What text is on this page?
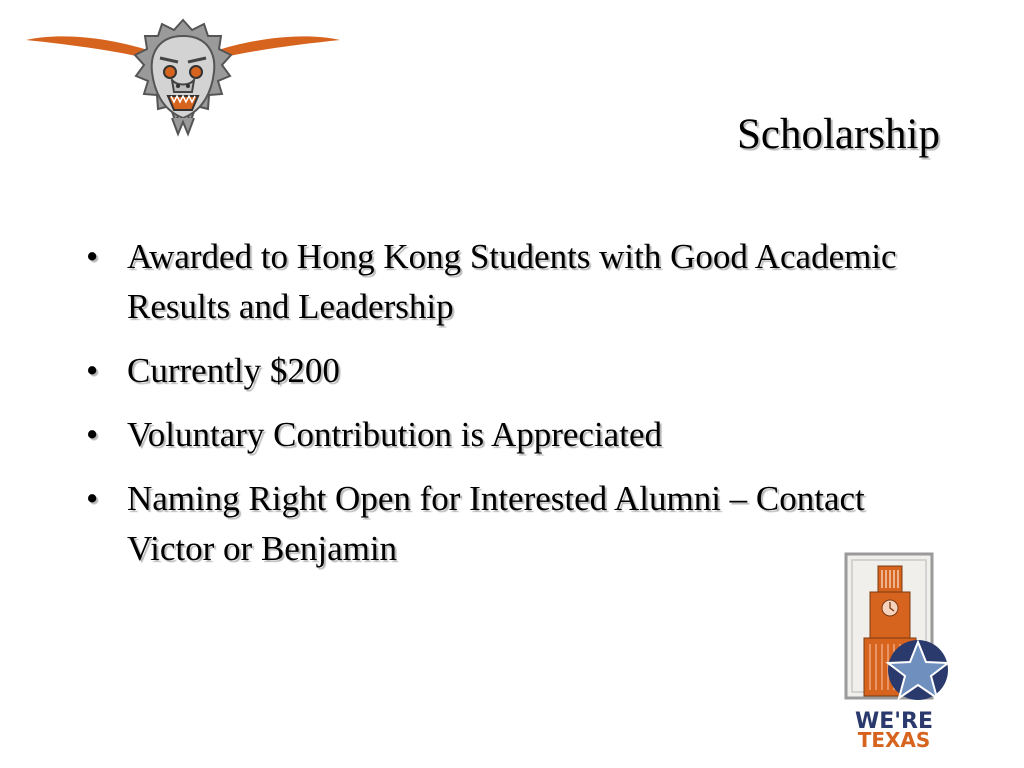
Scholarship
• Awarded to Hong Kong Students with Good Academic Results and Leadership
• Currently $200
• Voluntary Contribution is Appreciated
• Naming Right Open for Interested Alumni – Contact Victor or Benjamin
WE'RE
TEXAS
